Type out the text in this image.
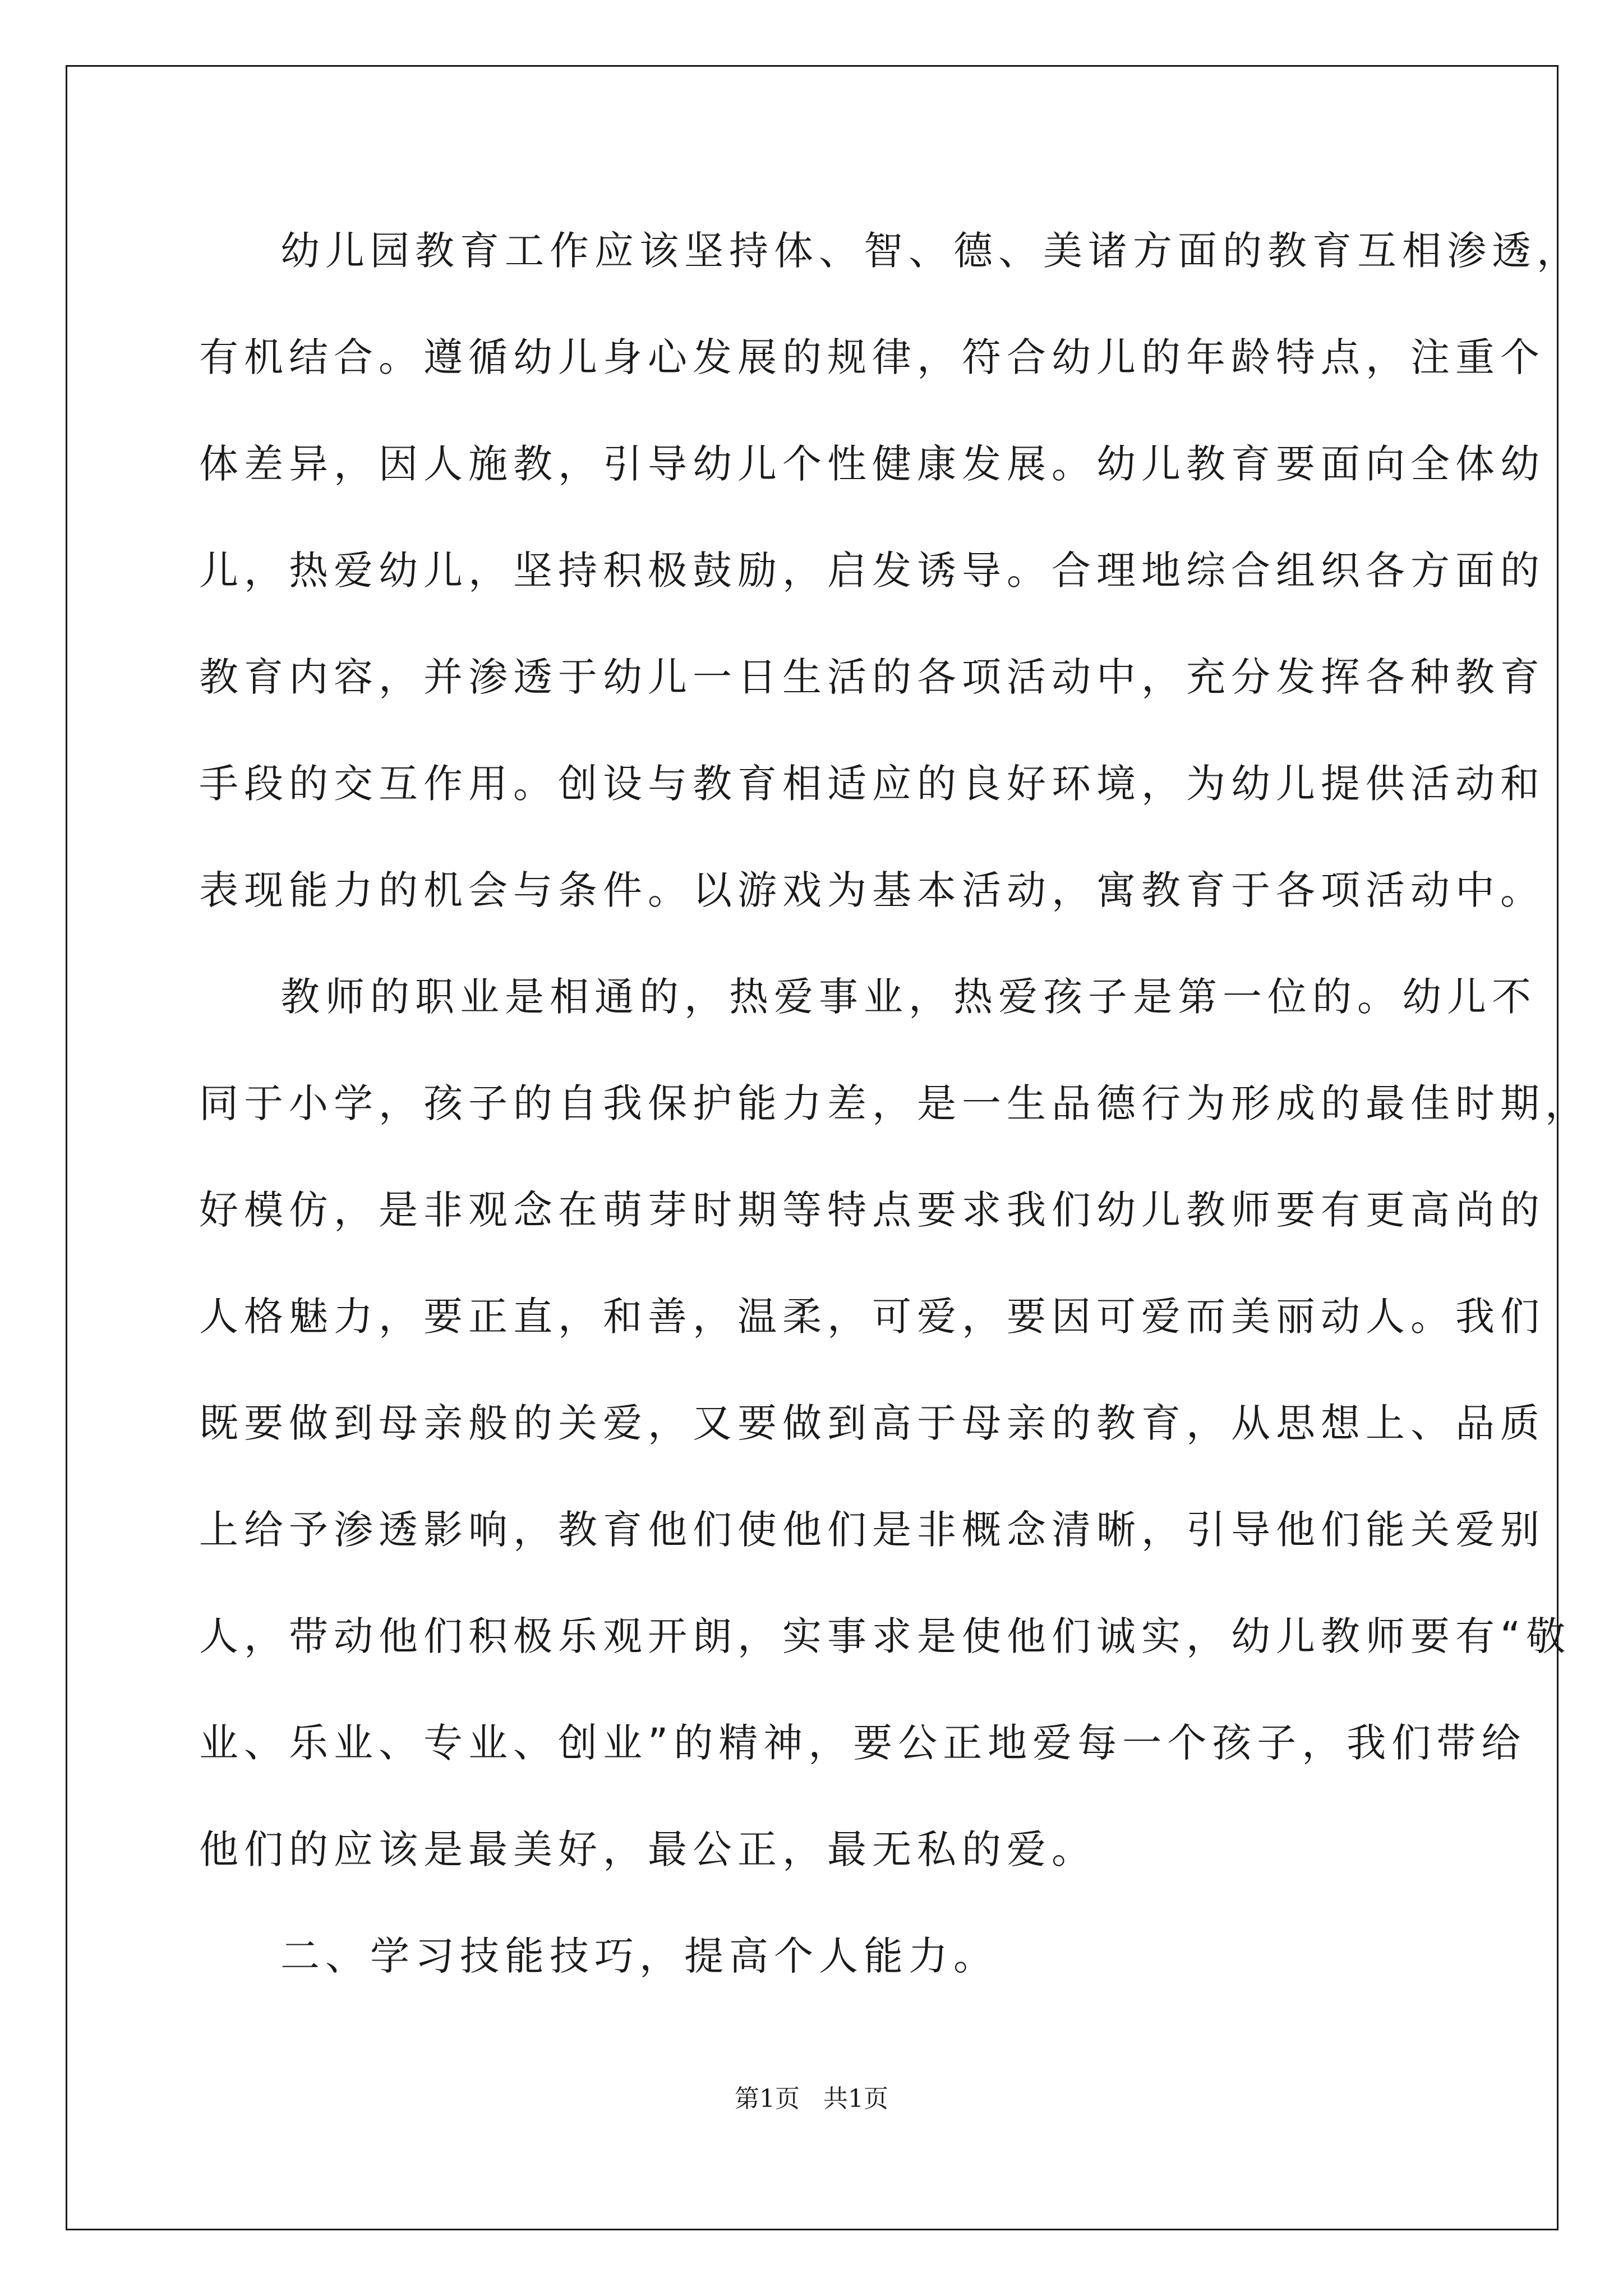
幼儿园教育工作应该坚持体、智、德、美诸方面的教育互相渗透，
有机结合。遵循幼儿身心发展的规律，符合幼儿的年龄特点，注重个
体差异，因人施教，引导幼儿个性健康发展。幼儿教育要面向全体幼
儿，热爱幼儿，坚持积极鼓励，启发诱导。合理地综合组织各方面的
教育内容，并渗透于幼儿一日生活的各项活动中，充分发挥各种教育
手段的交互作用。创设与教育相适应的良好环境，为幼儿提供活动和
表现能力的机会与条件。以游戏为基本活动，寓教育于各项活动中。
教师的职业是相通的，热爱事业，热爱孩子是第一位的。幼儿不
同于小学，孩子的自我保护能力差，是一生品德行为形成的最佳时期，
好模仿，是非观念在萌芽时期等特点要求我们幼儿教师要有更高尚的
人格魅力，要正直，和善，温柔，可爱，要因可爱而美丽动人。我们
既要做到母亲般的关爱，又要做到高于母亲的教育，从思想上、品质
上给予渗透影响，教育他们使他们是非概念清晰，引导他们能关爱别
人，带动他们积极乐观开朗，实事求是使他们诚实，幼儿教师要有“敬
业、乐业、专业、创业”的精神，要公正地爱每一个孩子，我们带给
他们的应该是最美好，最公正，最无私的爱。
二、学习技能技巧，提高个人能力。
第1页   共1页
